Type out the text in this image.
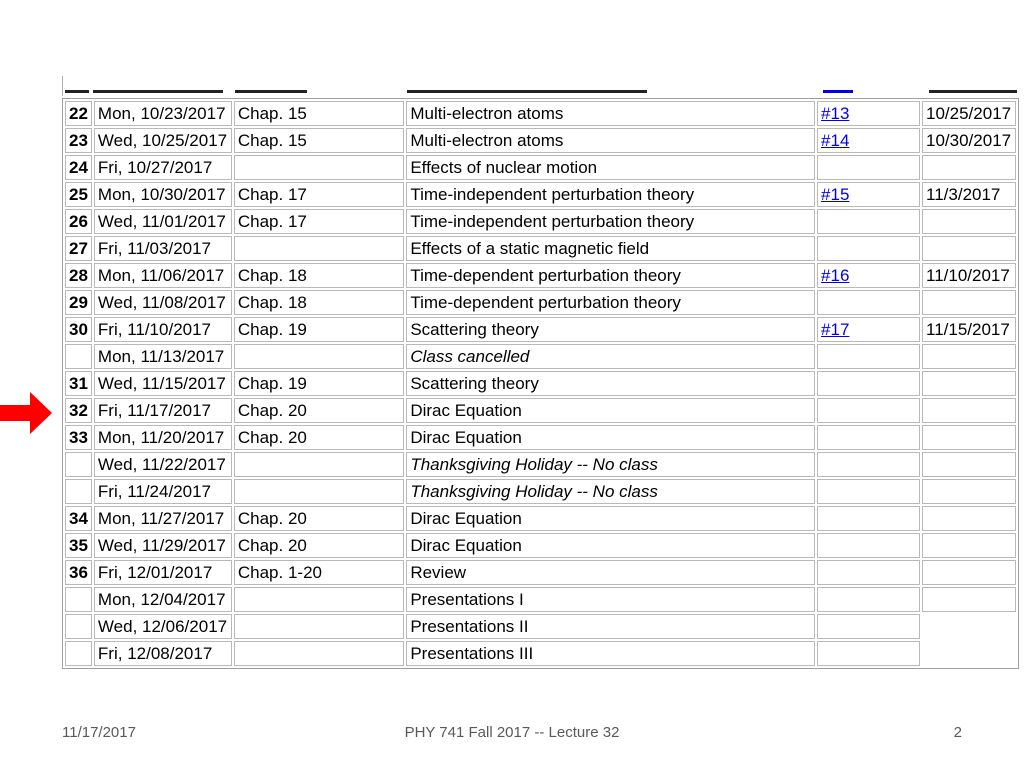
22	Mon, 10/23/2017	Chap. 15	Multi-electron atoms	#13	10/25/2017
23	Wed, 10/25/2017	Chap. 15	Multi-electron atoms	#14	10/30/2017
24	Fri, 10/27/2017		Effects of nuclear motion		
25	Mon, 10/30/2017	Chap. 17	Time-independent perturbation theory	#15	11/3/2017
26	Wed, 11/01/2017	Chap. 17	Time-independent perturbation theory		
27	Fri, 11/03/2017		Effects of a static magnetic field		
28	Mon, 11/06/2017	Chap. 18	Time-dependent perturbation theory	#16	11/10/2017
29	Wed, 11/08/2017	Chap. 18	Time-dependent perturbation theory		
30	Fri, 11/10/2017	Chap. 19	Scattering theory	#17	11/15/2017
	Mon, 11/13/2017		Class cancelled		
31	Wed, 11/15/2017	Chap. 19	Scattering theory		
32	Fri, 11/17/2017	Chap. 20	Dirac Equation		
33	Mon, 11/20/2017	Chap. 20	Dirac Equation		
	Wed, 11/22/2017		Thanksgiving Holiday -- No class		
	Fri, 11/24/2017		Thanksgiving Holiday -- No class		
34	Mon, 11/27/2017	Chap. 20	Dirac Equation		
35	Wed, 11/29/2017	Chap. 20	Dirac Equation		
36	Fri, 12/01/2017	Chap. 1-20	Review		
	Mon, 12/04/2017		Presentations I		
	Wed, 12/06/2017		Presentations II		
	Fri, 12/08/2017		Presentations III		
11/17/2017	PHY 741 Fall 2017 -- Lecture 32	2
